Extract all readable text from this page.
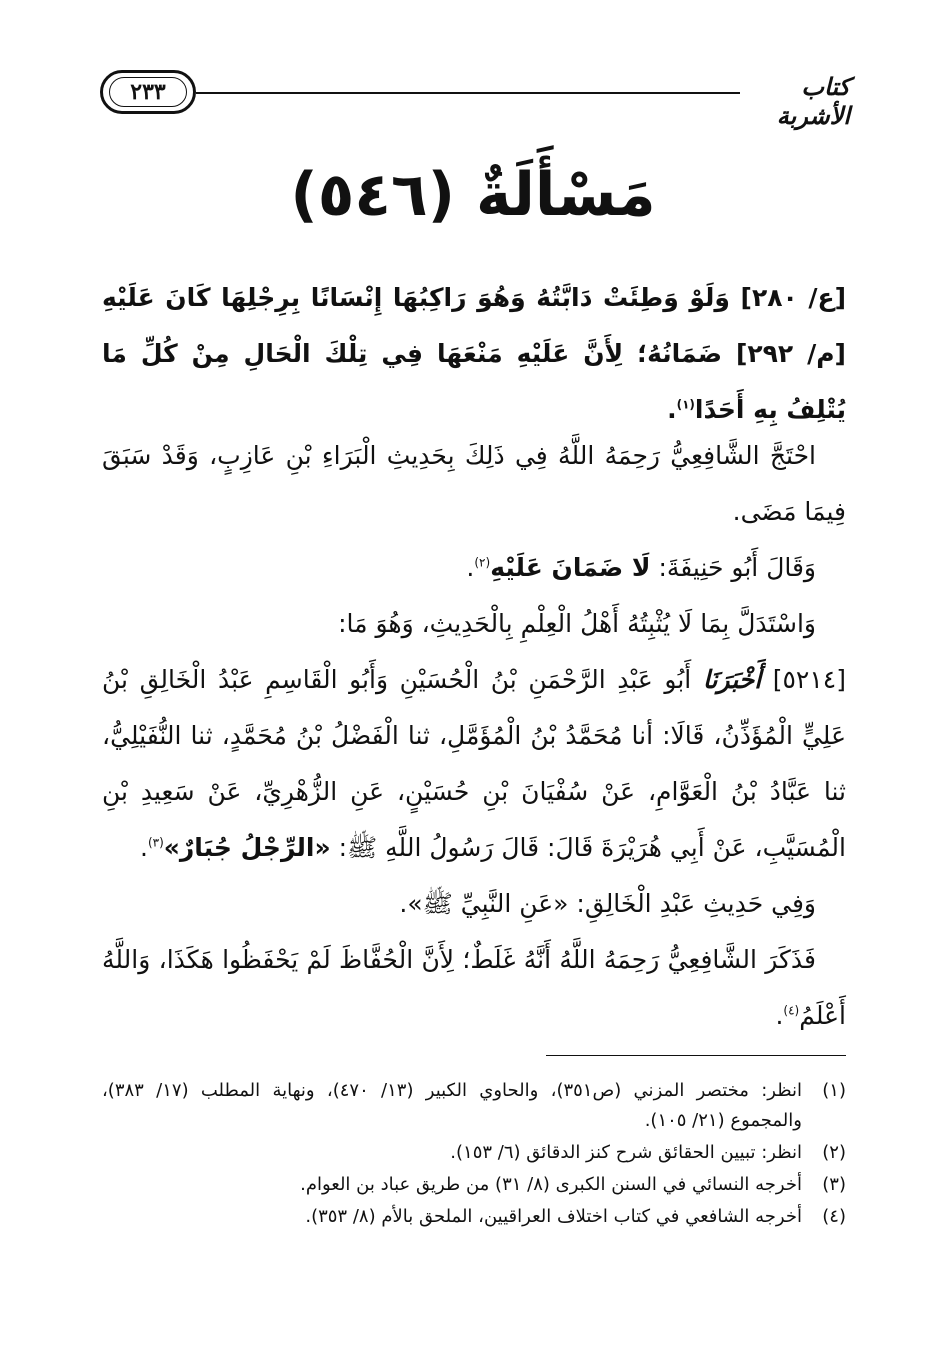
٢٣٣	كتاب الأشربة
مَسْأَلَةٌ (٥٤٦)
[ع/ ٢٨٠] وَلَوْ وَطِئَتْ دَابَّتُهُ وَهُوَ رَاكِبُهَا إِنْسَانًا بِرِجْلِهَا كَانَ عَلَيْهِ [م/ ٢٩٢] ضَمَانُهُ؛ لِأَنَّ عَلَيْهِ مَنْعَهَا فِي تِلْكَ الْحَالِ مِنْ كُلِّ مَا يُتْلِفُ بِهِ أَحَدًا$^{(١)}$.

احْتَجَّ الشَّافِعِيُّ رَحِمَهُ اللَّهُ فِي ذَلِكَ بِحَدِيثِ الْبَرَاءِ بْنِ عَازِبٍ، وَقَدْ سَبَقَ فِيمَا مَضَى.

وَقَالَ أَبُو حَنِيفَةَ: لَا ضَمَانَ عَلَيْهِ$^{(٢)}$.

وَاسْتَدَلَّ بِمَا لَا يُثْبِتُهُ أَهْلُ الْعِلْمِ بِالْحَدِيثِ، وَهُوَ مَا:

[٥٢١٤] أَخْبَرَنَا أَبُو عَبْدِ الرَّحْمَنِ بْنُ الْحُسَيْنِ وَأَبُو الْقَاسِمِ عَبْدُ الْخَالِقِ بْنُ عَلِيٍّ الْمُؤَذِّنُ، قَالَا: أنا مُحَمَّدُ بْنُ الْمُؤَمَّلِ، ثنا الْفَضْلُ بْنُ مُحَمَّدٍ، ثنا النُّفَيْلِيُّ، ثنا عَبَّادُ بْنُ الْعَوَّامِ، عَنْ سُفْيَانَ بْنِ حُسَيْنٍ، عَنِ الزُّهْرِيِّ، عَنْ سَعِيدِ بْنِ الْمُسَيَّبِ، عَنْ أَبِي هُرَيْرَةَ قَالَ: قَالَ رَسُولُ اللَّهِ ﷺ: «الرِّجْلُ جُبَارٌ»$^{(٣)}$.

وَفِي حَدِيثِ عَبْدِ الْخَالِقِ: «عَنِ النَّبِيِّ ﷺ».

فَذَكَرَ الشَّافِعِيُّ رَحِمَهُ اللَّهُ أَنَّهُ غَلَطٌ؛ لِأَنَّ الْحُفَّاظَ لَمْ يَحْفَظُوا هَكَذَا، وَاللَّهُ أَعْلَمُ$^{(٤)}$.

(١)
انظر: مختصر المزني (ص٣٥١)، والحاوي الكبير (١٣/ ٤٧٠)، ونهاية المطلب (١٧/ ٣٨٣)، والمجموع (٢١/ ١٠٥).
(٢)
انظر: تبيين الحقائق شرح كنز الدقائق (٦/ ١٥٣).
(٣)
أخرجه النسائي في السنن الكبرى (٨/ ٣١) من طريق عباد بن العوام.
(٤)
أخرجه الشافعي في كتاب اختلاف العراقيين، الملحق بالأم (٨/ ٣٥٣).
